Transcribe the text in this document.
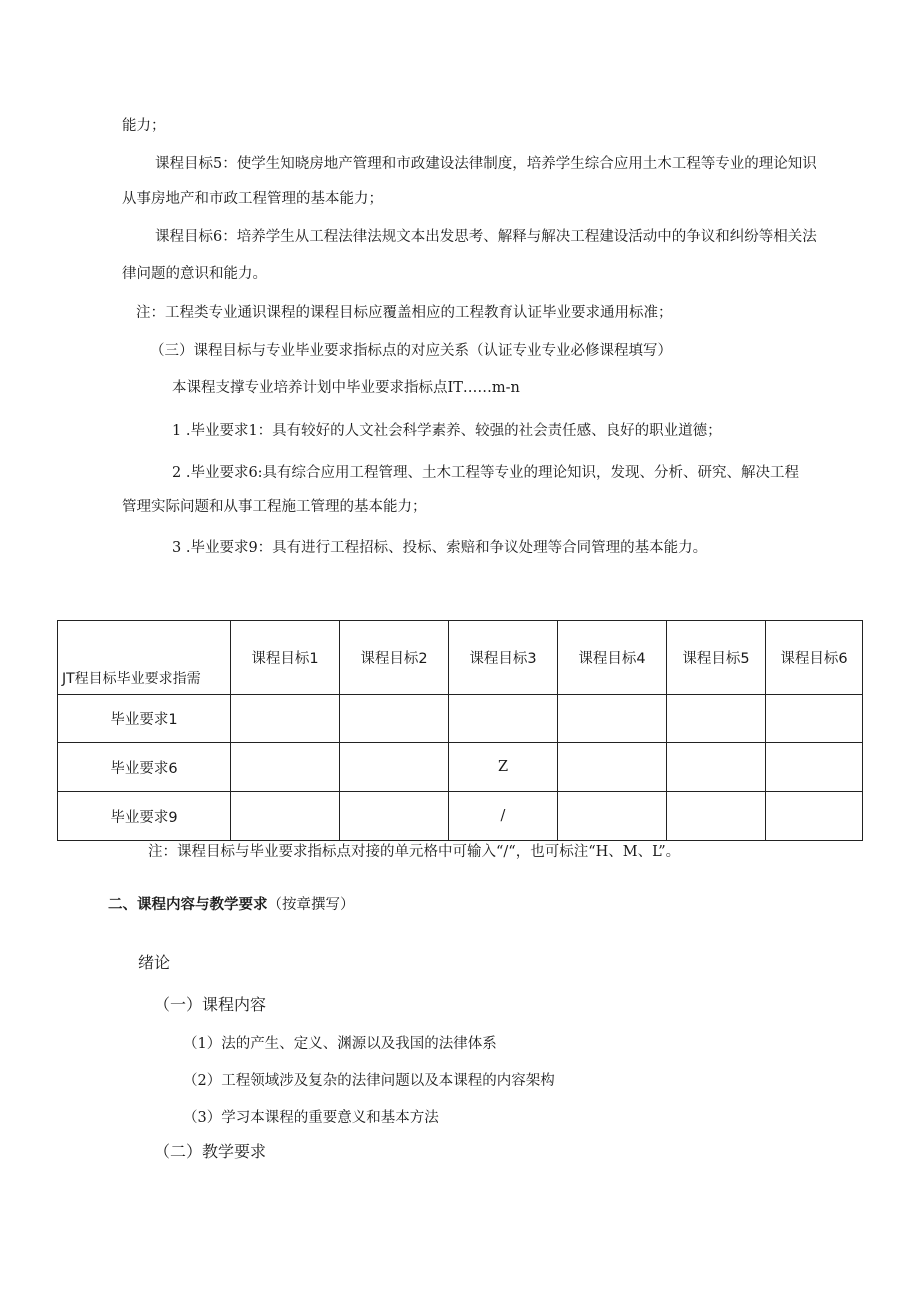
能力；
课程目标5：使学生知晓房地产管理和市政建设法律制度，培养学生综合应用土木工程等专业的理论知识
从事房地产和市政工程管理的基本能力；
课程目标6：培养学生从工程法律法规文本出发思考、解释与解决工程建设活动中的争议和纠纷等相关法
律问题的意识和能力。
注：工程类专业通识课程的课程目标应覆盖相应的工程教育认证毕业要求通用标准；
（三）课程目标与专业毕业要求指标点的对应关系（认证专业专业必修课程填写）
本课程支撑专业培养计划中毕业要求指标点IT……m-n
1 .毕业要求1：具有较好的人文社会科学素养、较强的社会责任感、良好的职业道德；
2 .毕业要求6:具有综合应用工程管理、土木工程等专业的理论知识，发现、分析、研究、解决工程
管理实际问题和从事工程施工管理的基本能力；
3 .毕业要求9：具有进行工程招标、投标、索赔和争议处理等合同管理的基本能力。
JT程目标毕业要求指需	课程目标1	课程目标2	课程目标3	课程目标4	课程目标5	课程目标6
毕业要求1						
毕业要求6			Z			
毕业要求9			/			
注：课程目标与毕业要求指标点对接的单元格中可输入“/“，也可标注“H、M、L”。
二、课程内容与教学要求（按章撰写）
绪论
（一）课程内容
（1）法的产生、定义、渊源以及我国的法律体系
（2）工程领域涉及复杂的法律问题以及本课程的内容架构
（3）学习本课程的重要意义和基本方法
（二）教学要求
